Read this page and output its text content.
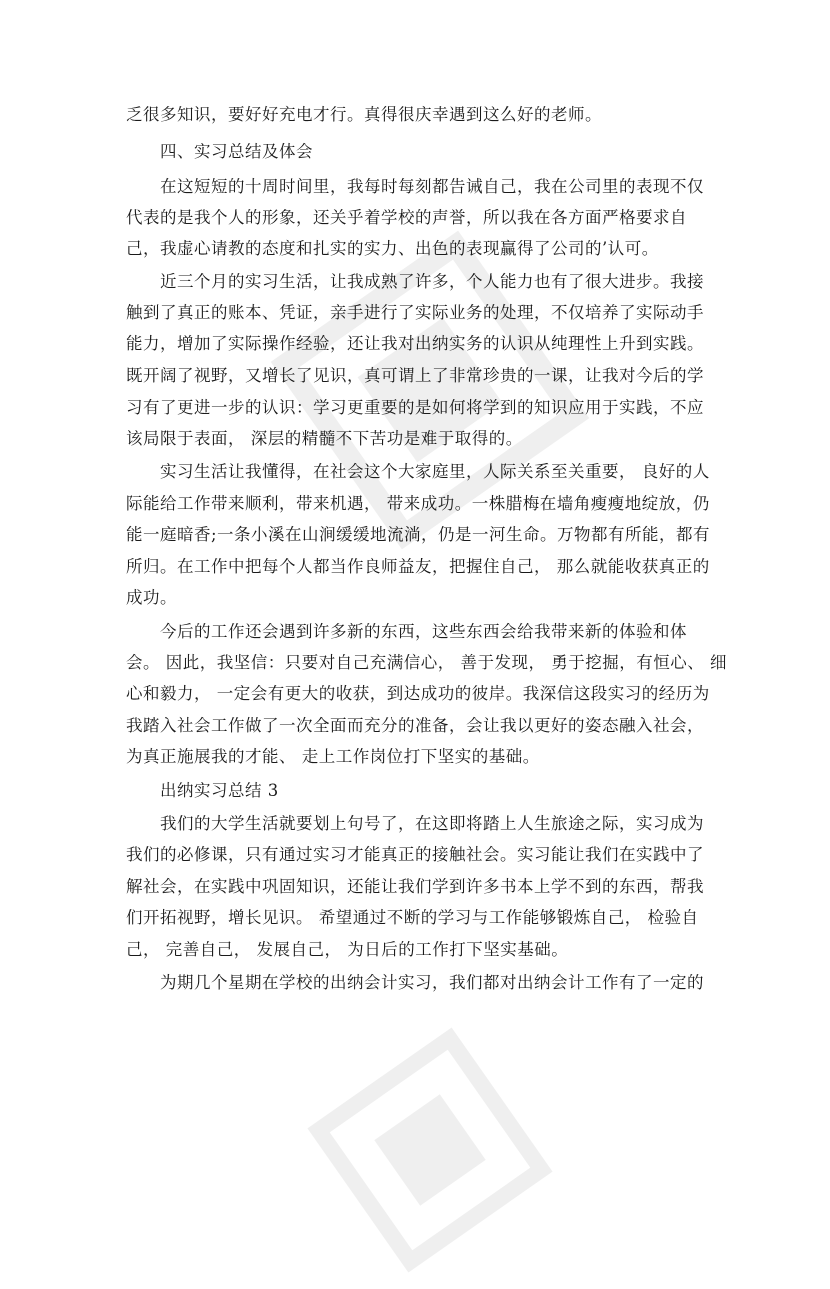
乏很多知识，要好好充电才行。真得很庆幸遇到这么好的老师。
四、实习总结及体会
在这短短的十周时间里，我每时每刻都告诫自己，我在公司里的表现不仅
代表的是我个人的形象，还关乎着学校的声誉，所以我在各方面严格要求自
己，我虚心请教的态度和扎实的实力、出色的表现赢得了公司的’认可。
近三个月的实习生活，让我成熟了许多，个人能力也有了很大进步。我接
触到了真正的账本、凭证，亲手进行了实际业务的处理，不仅培养了实际动手
能力，增加了实际操作经验，还让我对出纳实务的认识从纯理性上升到实践。
既开阔了视野，又增长了见识，真可谓上了非常珍贵的一课，让我对今后的学
习有了更进一步的认识：学习更重要的是如何将学到的知识应用于实践，不应
该局限于表面， 深层的精髓不下苦功是难于取得的。
实习生活让我懂得，在社会这个大家庭里，人际关系至关重要， 良好的人
际能给工作带来顺利，带来机遇， 带来成功。一株腊梅在墙角瘦瘦地绽放，仍
能一庭暗香;一条小溪在山涧缓缓地流淌，仍是一河生命。万物都有所能，都有
所归。在工作中把每个人都当作良师益友，把握住自己， 那么就能收获真正的
成功。
今后的工作还会遇到许多新的东西，这些东西会给我带来新的体验和体
会。 因此，我坚信：只要对自己充满信心， 善于发现， 勇于挖掘，有恒心、 细
心和毅力， 一定会有更大的收获，到达成功的彼岸。我深信这段实习的经历为
我踏入社会工作做了一次全面而充分的准备，会让我以更好的姿态融入社会，
为真正施展我的才能、 走上工作岗位打下坚实的基础。
出纳实习总结 3
我们的大学生活就要划上句号了，在这即将踏上人生旅途之际，实习成为
我们的必修课，只有通过实习才能真正的接触社会。实习能让我们在实践中了
解社会，在实践中巩固知识，还能让我们学到许多书本上学不到的东西，帮我
们开拓视野，增长见识。 希望通过不断的学习与工作能够锻炼自己， 检验自
己， 完善自己， 发展自己， 为日后的工作打下坚实基础。
为期几个星期在学校的出纳会计实习，我们都对出纳会计工作有了一定的
